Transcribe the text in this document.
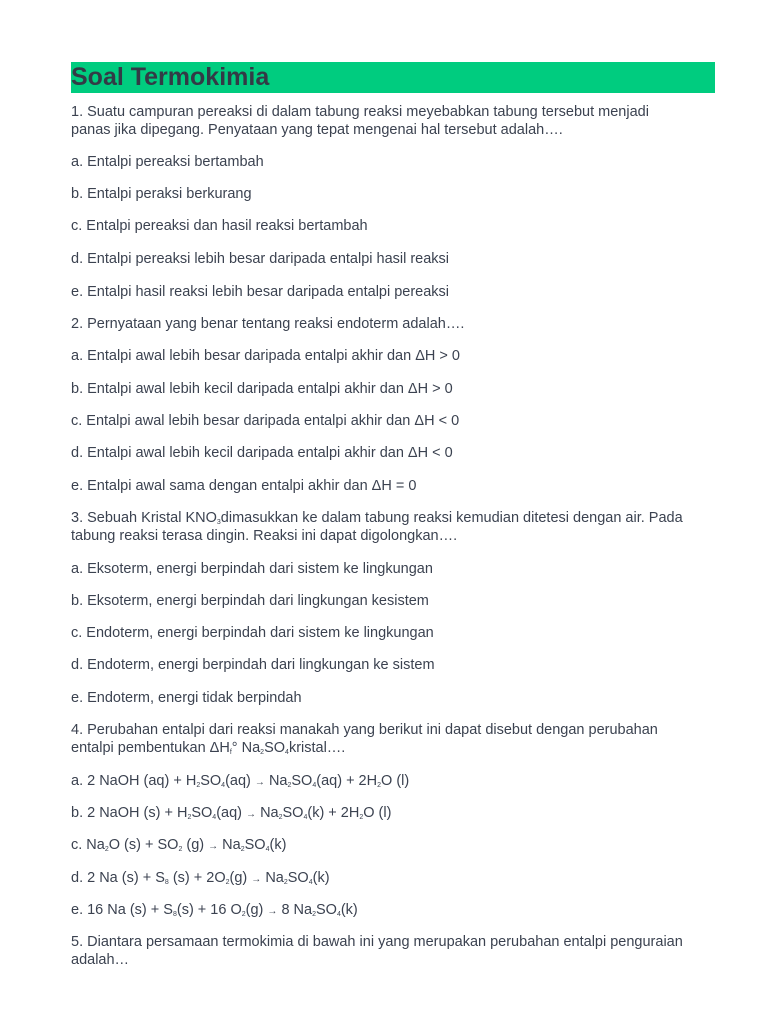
Soal Termokimia

1. Suatu campuran pereaksi di dalam tabung reaksi meyebabkan tabung tersebut menjadi

panas jika dipegang. Penyataan yang tepat mengenai hal tersebut adalah….

a. Entalpi pereaksi bertambah

b. Entalpi peraksi berkurang

c. Entalpi pereaksi dan hasil reaksi bertambah

d. Entalpi pereaksi lebih besar daripada entalpi hasil reaksi

e. Entalpi hasil reaksi lebih besar daripada entalpi pereaksi

2. Pernyataan yang benar tentang reaksi endoterm adalah….

a. Entalpi awal lebih besar daripada entalpi akhir dan ΔH > 0

b. Entalpi awal lebih kecil daripada entalpi akhir dan ΔH > 0

c. Entalpi awal lebih besar daripada entalpi akhir dan ΔH < 0

d. Entalpi awal lebih kecil daripada entalpi akhir dan ΔH < 0

e. Entalpi awal sama dengan entalpi akhir dan ΔH = 0

3. Sebuah Kristal $KNO_3dimasukkan$ ke dalam tabung reaksi kemudian ditetesi dengan air. Pada

tabung reaksi terasa dingin. Reaksi ini dapat digolongkan….

a. Eksoterm, energi berpindah dari sistem ke lingkungan

b. Eksoterm, energi berpindah dari lingkungan kesistem

c. Endoterm, energi berpindah dari sistem ke lingkungan

d. Endoterm, energi berpindah dari lingkungan ke sistem

e. Endoterm, energi tidak berpindah

4. Perubahan entalpi dari reaksi manakah yang berikut ini dapat disebut dengan perubahan

entalpi pembentukan $\Delta H_f^\circ$ $Na_2SO_4kristal\dots$.

a. 2 NaOH $(aq) + H_2SO_4(aq) \to Na_2SO_4(aq) + 2H_2O$ (l)

b. 2 NaOH $(s) + H_2SO_4(aq) \to Na_2SO_4(k) + 2H_2O$ (l)

c. $Na_2O$ $(s) + SO_2$ $(g) \to Na_2SO_4(k)$

d. 2 Na $(s) + S_8$ $(s) + 2O_2(g) \to Na_2SO_4(k)$

e. 16 Na $(s) + S_8(s) + 16$ $O_2(g) \to 8$ $Na_2SO_4(k)$

5. Diantara persamaan termokimia di bawah ini yang merupakan perubahan entalpi penguraian

adalah…
